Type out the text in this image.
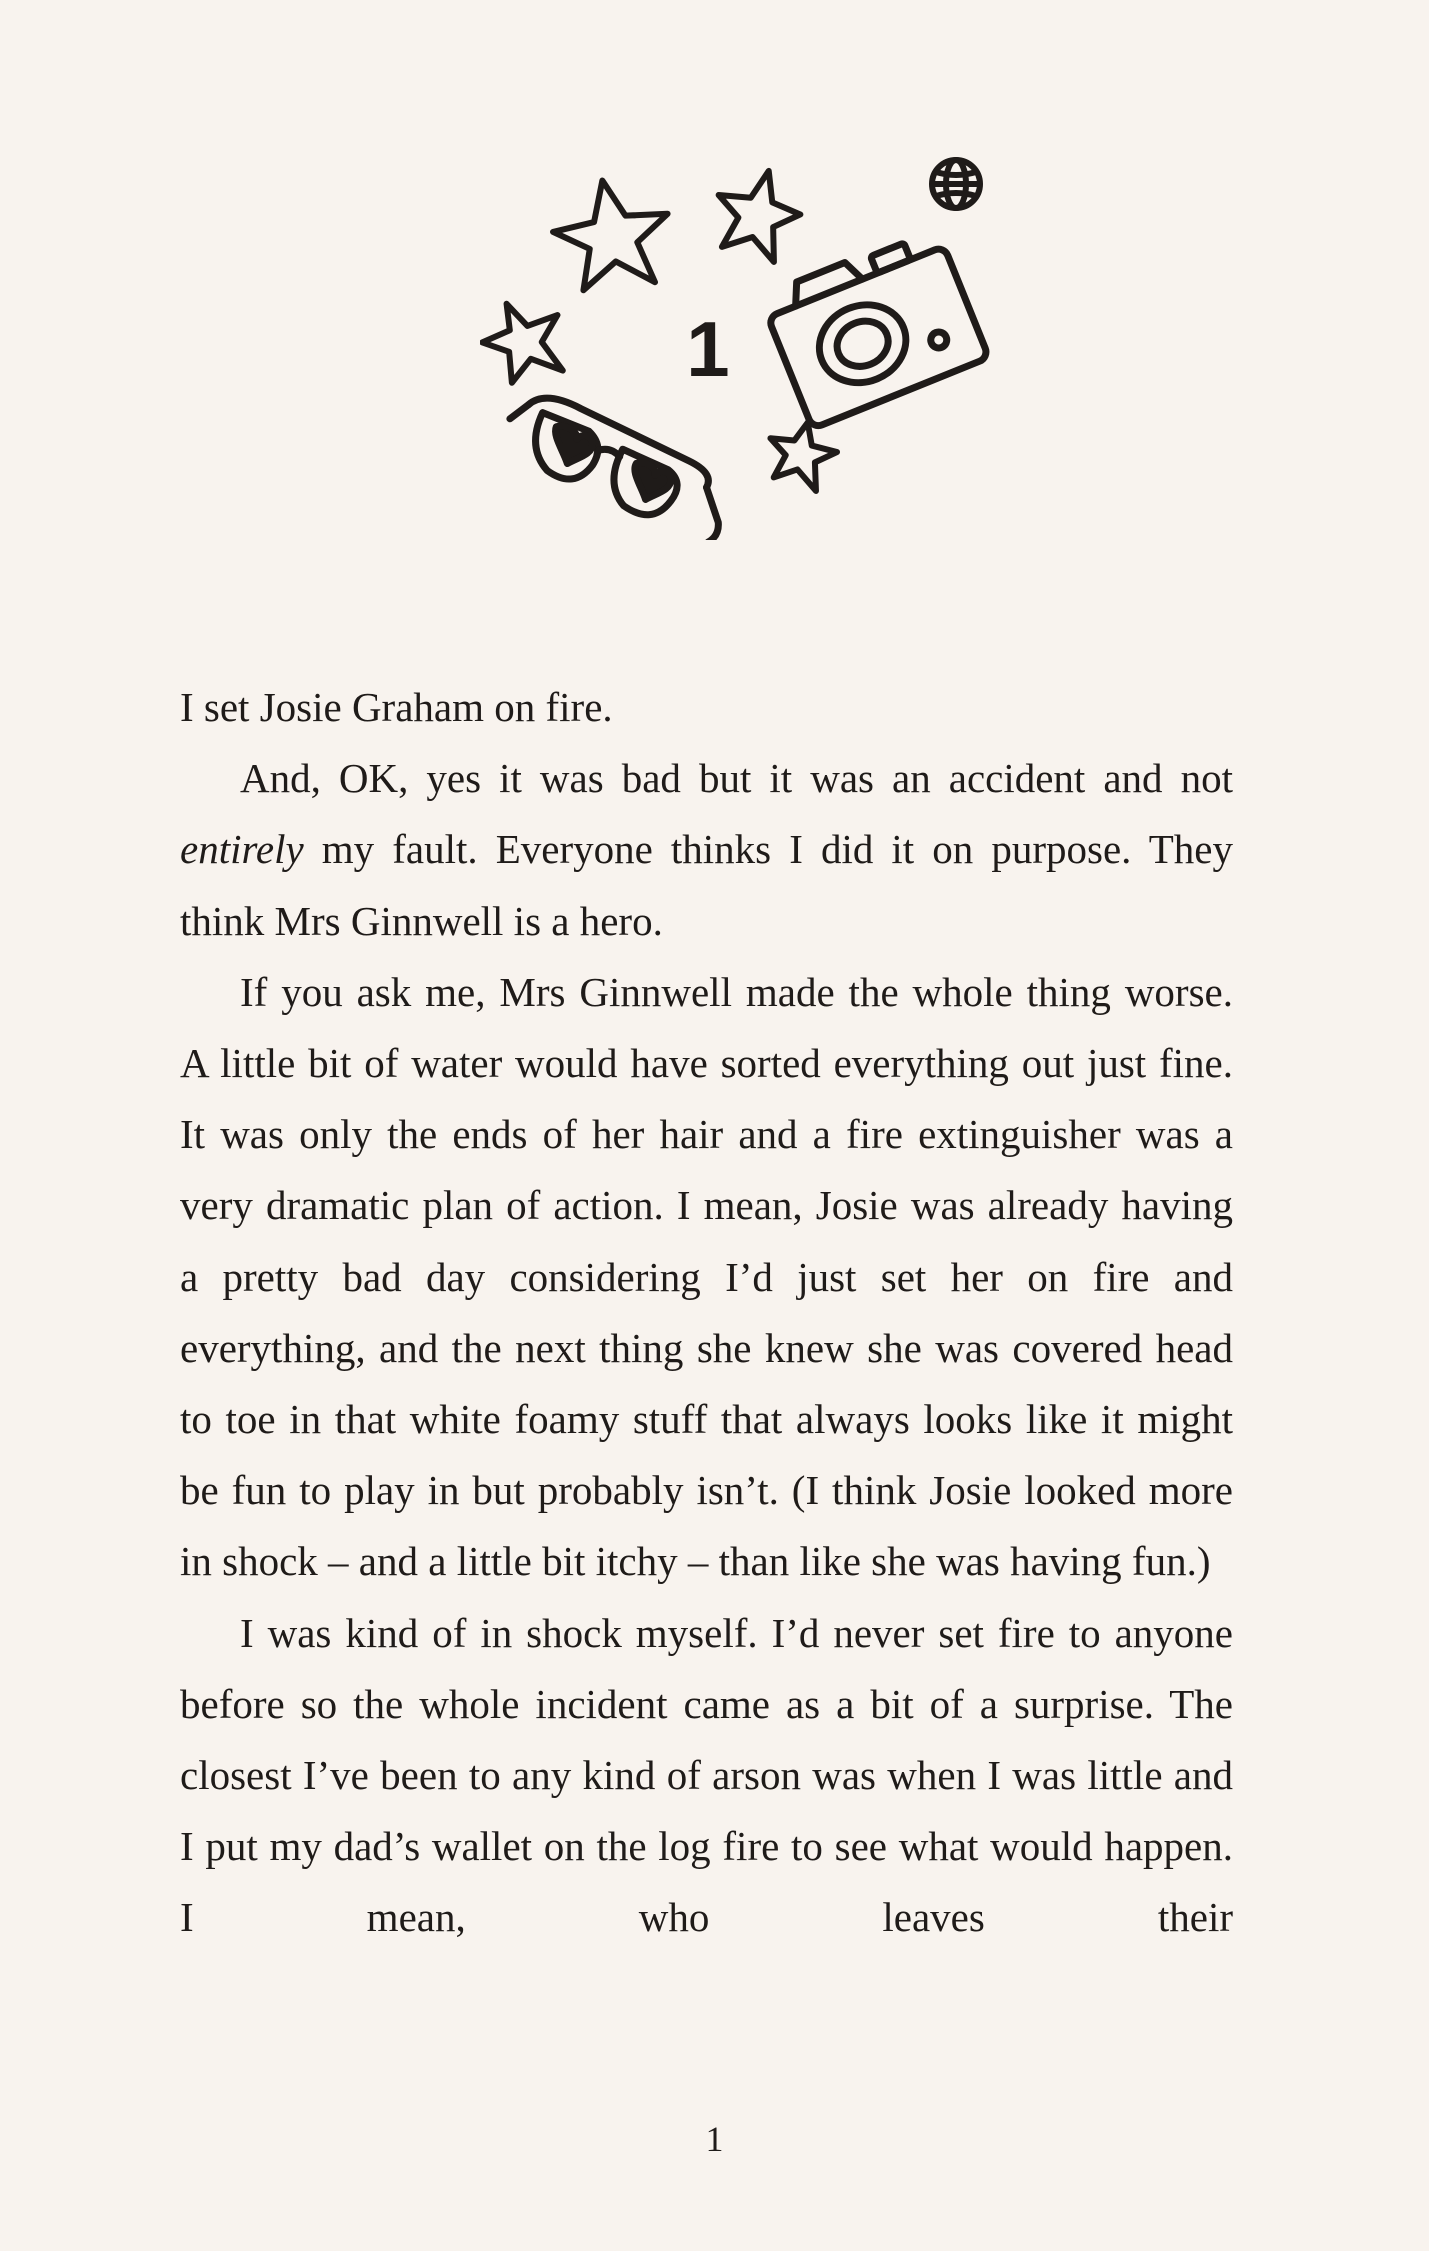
1

I set Josie Graham on fire.

And, OK, yes it was bad but it was an accident and not entirely my fault. Everyone thinks I did it on purpose. They think Mrs Ginnwell is a hero.

If you ask me, Mrs Ginnwell made the whole thing worse. A little bit of water would have sorted everything out just fine. It was only the ends of her hair and a fire extinguisher was a very dramatic plan of action. I mean, Josie was already having a pretty bad day considering I’d just set her on fire and everything, and the next thing she knew she was covered head to toe in that white foamy stuff that always looks like it might be fun to play in but probably isn’t. (I think Josie looked more in shock – and a little bit itchy – than like she was having fun.)

I was kind of in shock myself. I’d never set fire to anyone before so the whole incident came as a bit of a surprise. The closest I’ve been to any kind of arson was when I was little and I put my dad’s wallet on the log fire to see what would happen. I mean, who leaves their

1
